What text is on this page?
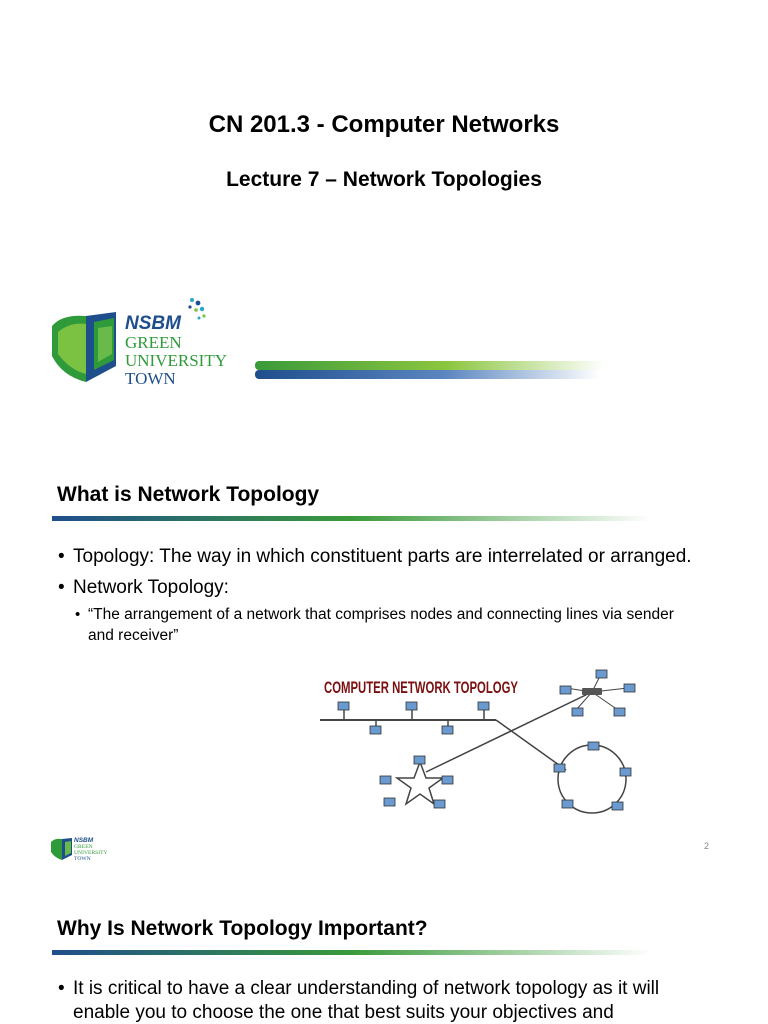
CN 201.3 - Computer Networks
Lecture 7 – Network Topologies
NSBM
GREEN
UNIVERSITY
TOWN
What is Network Topology
• Topology: The way in which constituent parts are interrelated or arranged.
• Network Topology:
• “The arrangement of a network that comprises nodes and connecting lines via sender and receiver”
COMPUTER NETWORK TOPOLOGY
NSBM
GREEN
UNIVERSITY
TOWN
2
Why Is Network Topology Important?
• It is critical to have a clear understanding of network topology as it will enable you to choose the one that best suits your objectives and
